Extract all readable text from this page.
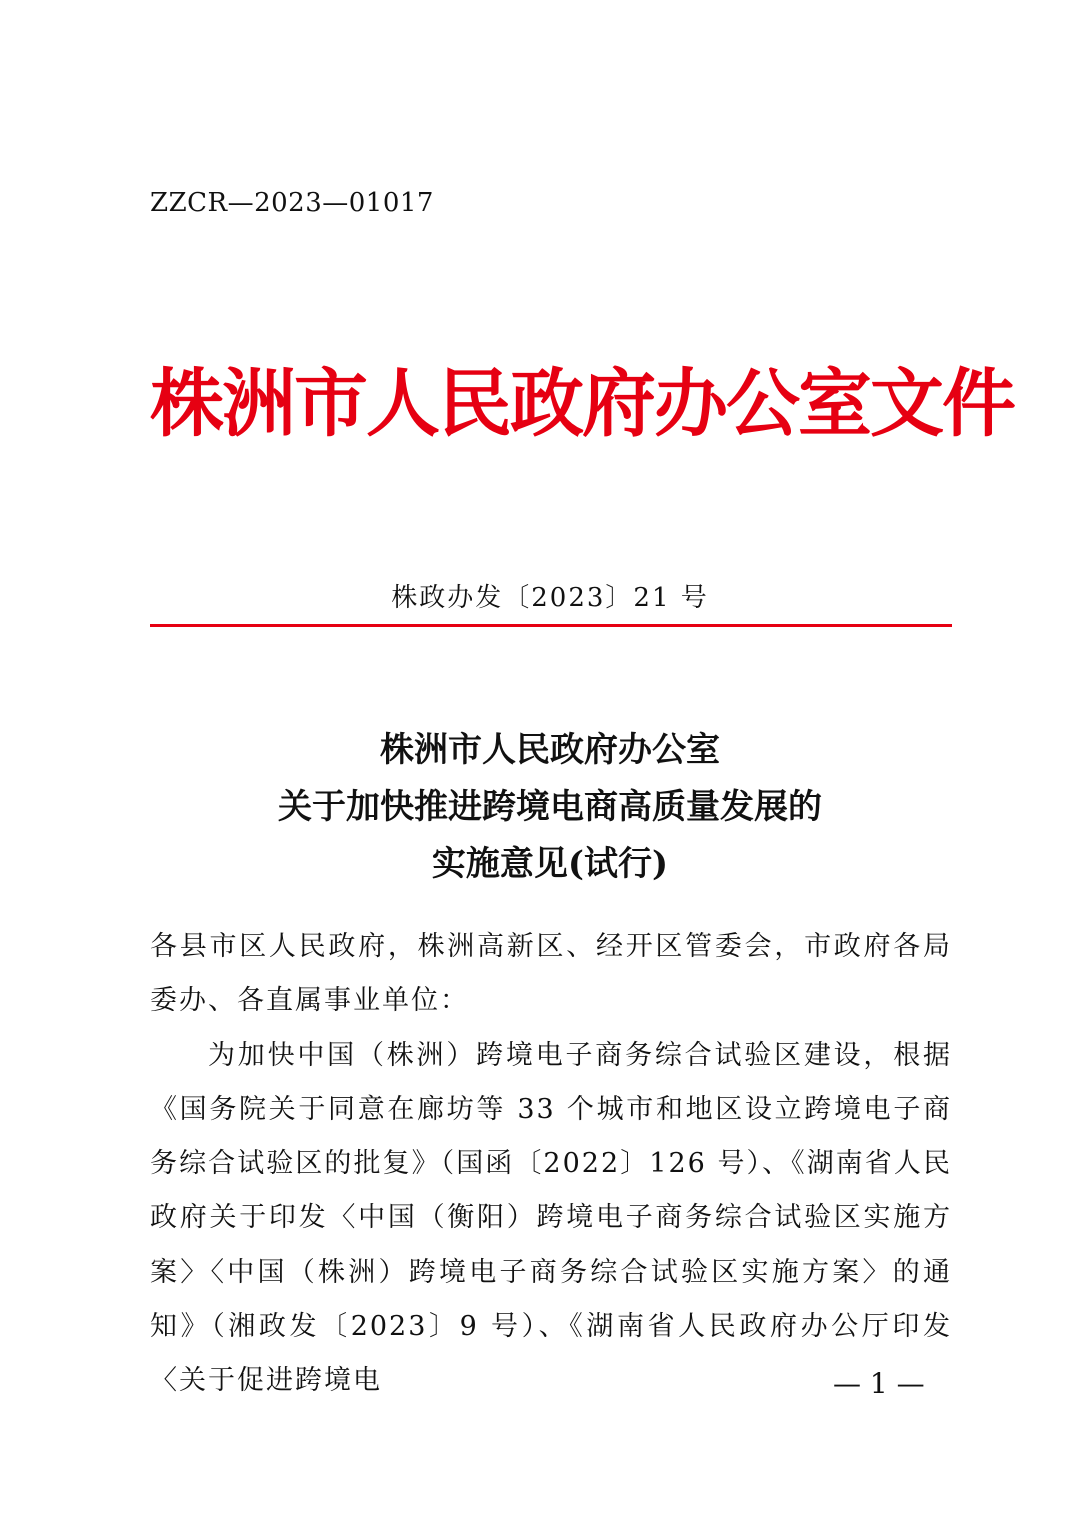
ZZCR—2023—01017
株洲市人民政府办公室文件
株政办发〔2023〕21 号
株洲市人民政府办公室
关于加快推进跨境电商高质量发展的
实施意见(试行)

各县市区人民政府，株洲高新区、经开区管委会，市政府各局委办、各直属事业单位：

为加快中国（株洲）跨境电子商务综合试验区建设，根据《国务院关于同意在廊坊等 33 个城市和地区设立跨境电子商务综合试验区的批复》（国函〔2022〕126 号）、《湖南省人民政府关于印发〈中国（衡阳）跨境电子商务综合试验区实施方案〉〈中国（株洲）跨境电子商务综合试验区实施方案〉的通知》（湘政发〔2023〕9 号）、《湖南省人民政府办公厅印发〈关于促进跨境电	— 1 —
